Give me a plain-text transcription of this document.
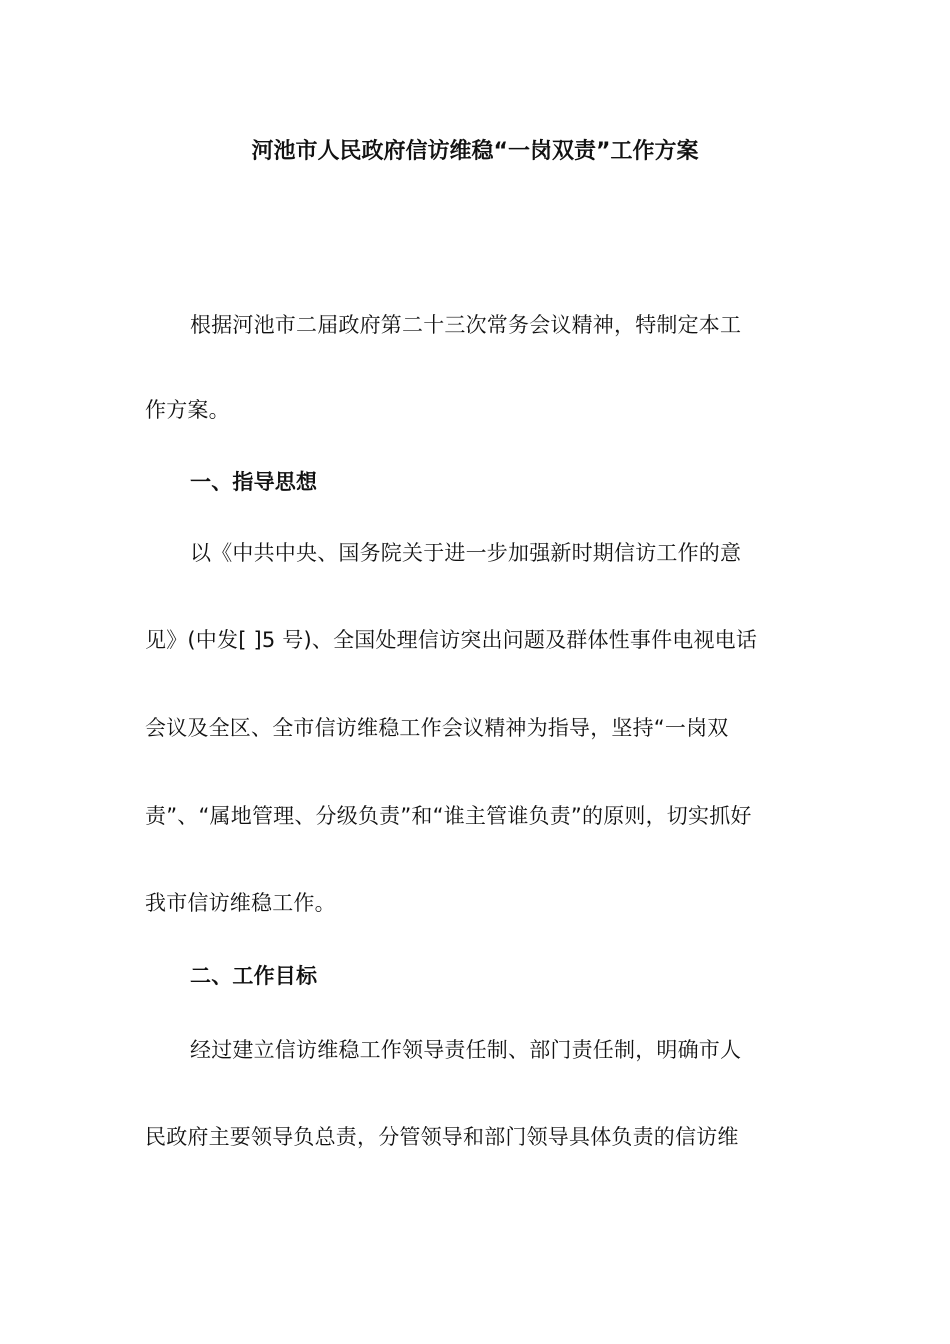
河池市人民政府信访维稳“一岗双责”工作方案
根据河池市二届政府第二十三次常务会议精神，特制定本工
作方案。
一、指导思想
以《中共中央、国务院关于进一步加强新时期信访工作的意
见》(中发[ ]5 号)、全国处理信访突出问题及群体性事件电视电话
会议及全区、全市信访维稳工作会议精神为指导，坚持“一岗双
责”、“属地管理、分级负责”和“谁主管谁负责”的原则，切实抓好
我市信访维稳工作。
二、工作目标
经过建立信访维稳工作领导责任制、部门责任制，明确市人
民政府主要领导负总责，分管领导和部门领导具体负责的信访维
